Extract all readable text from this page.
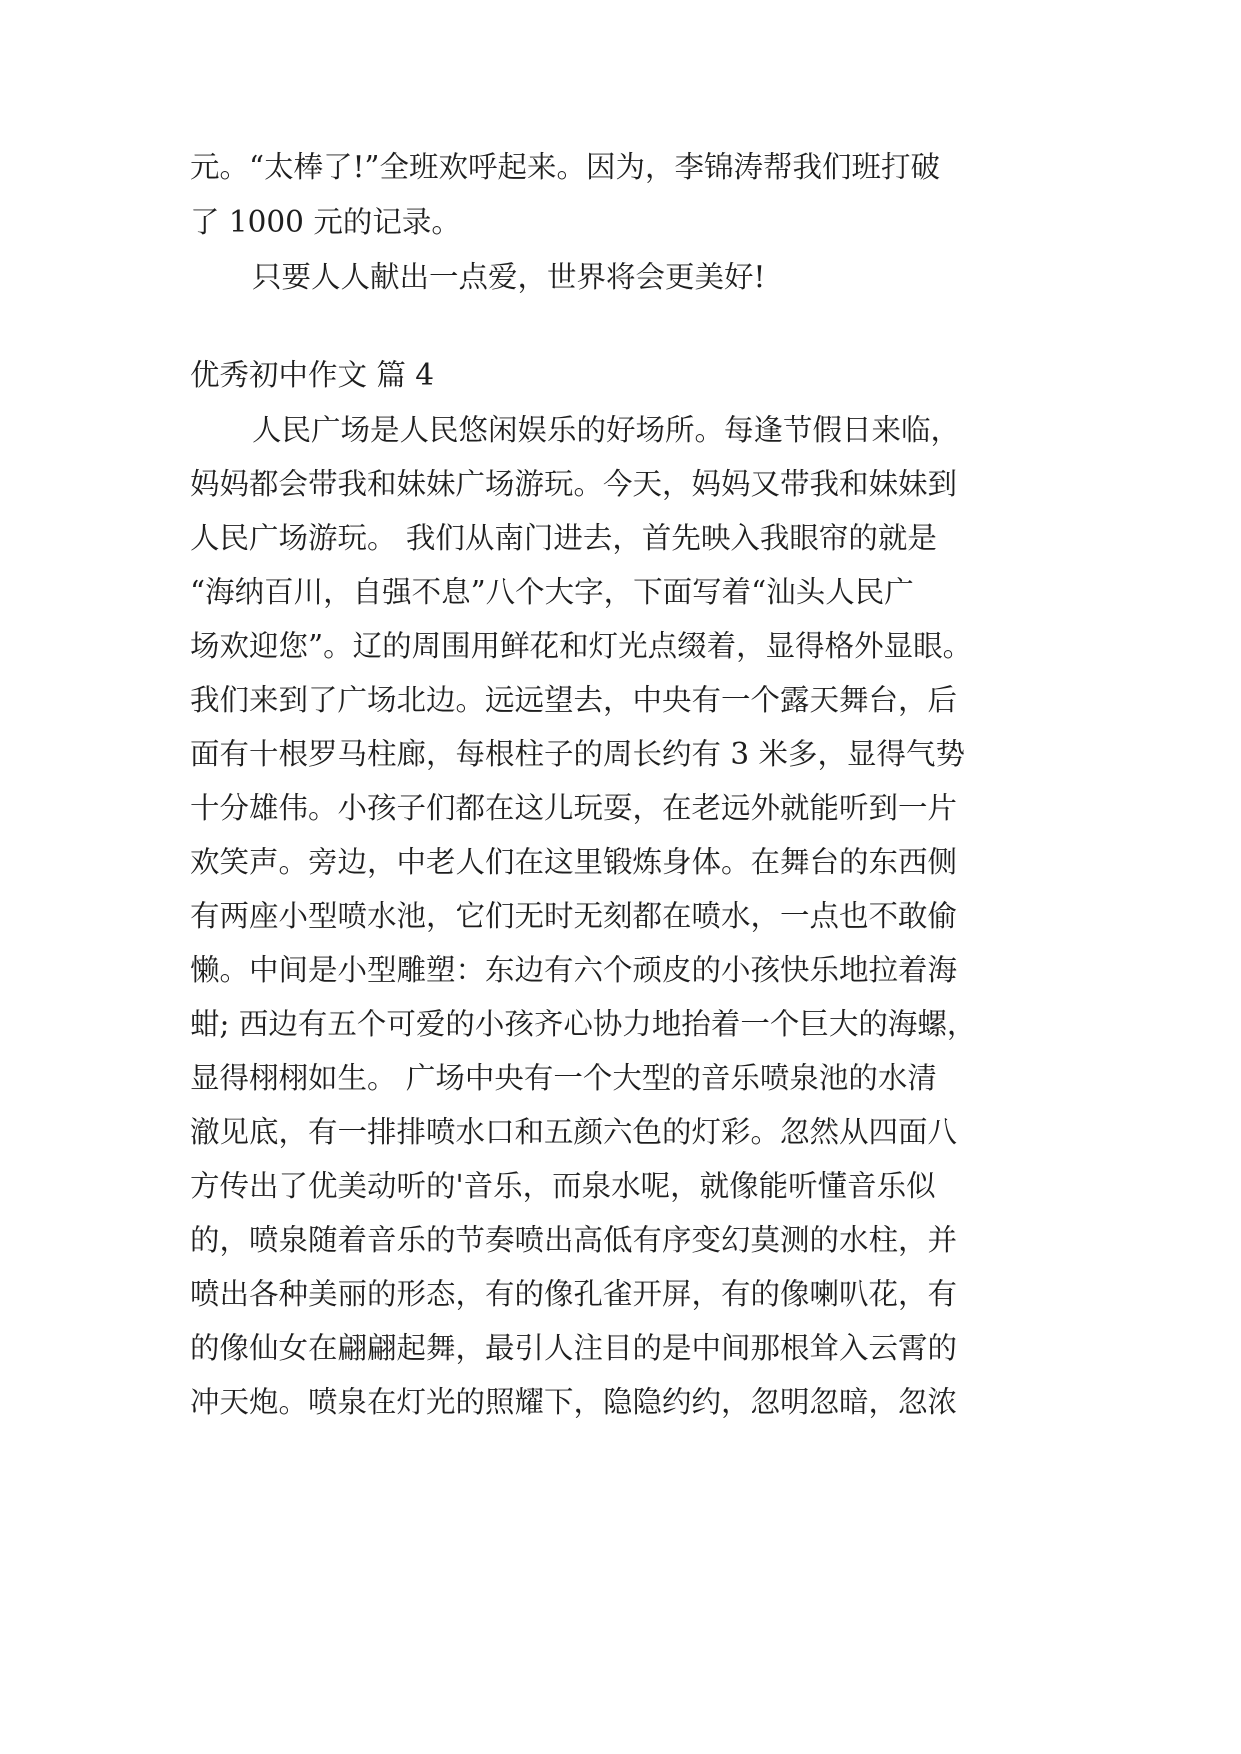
元。“太棒了!”全班欢呼起来。因为，李锦涛帮我们班打破
了 1000 元的记录。
只要人人献出一点爱，世界将会更美好!
优秀初中作文 篇 4
人民广场是人民悠闲娱乐的好场所。每逢节假日来临，
妈妈都会带我和妹妹广场游玩。今天，妈妈又带我和妹妹到
人民广场游玩。 我们从南门进去，首先映入我眼帘的就是
“海纳百川，自强不息”八个大字，下面写着“汕头人民广
场欢迎您”。辽的周围用鲜花和灯光点缀着，显得格外显眼。
我们来到了广场北边。远远望去，中央有一个露天舞台，后
面有十根罗马柱廊，每根柱子的周长约有 3 米多，显得气势
十分雄伟。小孩子们都在这儿玩耍，在老远外就能听到一片
欢笑声。旁边，中老人们在这里锻炼身体。在舞台的东西侧
有两座小型喷水池，它们无时无刻都在喷水，一点也不敢偷
懒。中间是小型雕塑：东边有六个顽皮的小孩快乐地拉着海
蚶; 西边有五个可爱的小孩齐心协力地抬着一个巨大的海螺，
显得栩栩如生。 广场中央有一个大型的音乐喷泉池的水清
澈见底，有一排排喷水口和五颜六色的灯彩。忽然从四面八
方传出了优美动听的'音乐，而泉水呢，就像能听懂音乐似
的，喷泉随着音乐的节奏喷出高低有序变幻莫测的水柱，并
喷出各种美丽的形态，有的像孔雀开屏，有的像喇叭花，有
的像仙女在翩翩起舞，最引人注目的是中间那根耸入云霄的
冲天炮。喷泉在灯光的照耀下，隐隐约约，忽明忽暗，忽浓
